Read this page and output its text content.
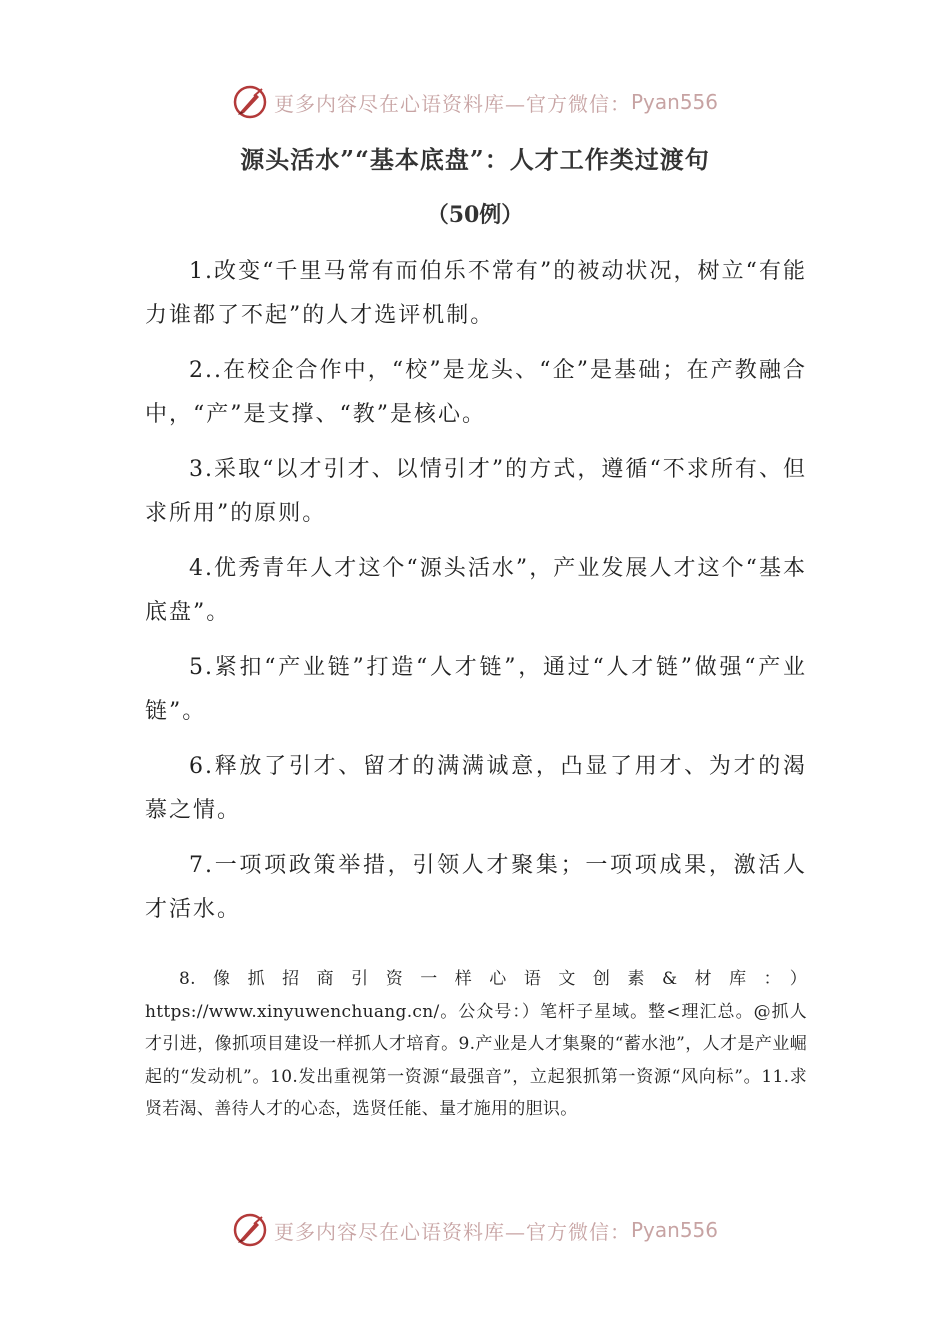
更多内容尽在心语资料库—官方微信： Pyan556
源头活水”“基本底盘”：人才工作类过渡句
（50例）

1.改变“千里马常有而伯乐不常有”的被动状况，树立“有能力谁都了不起”的人才选评机制。

2..在校企合作中，“校”是龙头、“企”是基础；在产教融合中，“产”是支撑、“教”是核心。

3.采取“以才引才、以情引才”的方式，遵循“不求所有、但求所用”的原则。

4.优秀青年人才这个“源头活水”，产业发展人才这个“基本底盘”。

5.紧扣“产业链”打造“人才链”，通过“人才链”做强“产业链”。

6.释放了引才、留才的满满诚意，凸显了用才、为才的渴慕之情。

7.一项项政策举措，引领人才聚集；一项项成果，激活人才活水。

8.像抓招商引资一样心语文创素&材库：）https://www.xinyuwenchuang.cn/。公众号：）笔杆子星域。整<理汇总。@抓人才引进，像抓项目建设一样抓人才培育。9.产业是人才集聚的“蓄水池”，人才是产业崛起的“发动机”。10.发出重视第一资源“最强音”，立起狠抓第一资源“风向标”。11.求贤若渴、善待人才的心态，选贤任能、量才施用的胆识。

更多内容尽在心语资料库—官方微信： Pyan556
